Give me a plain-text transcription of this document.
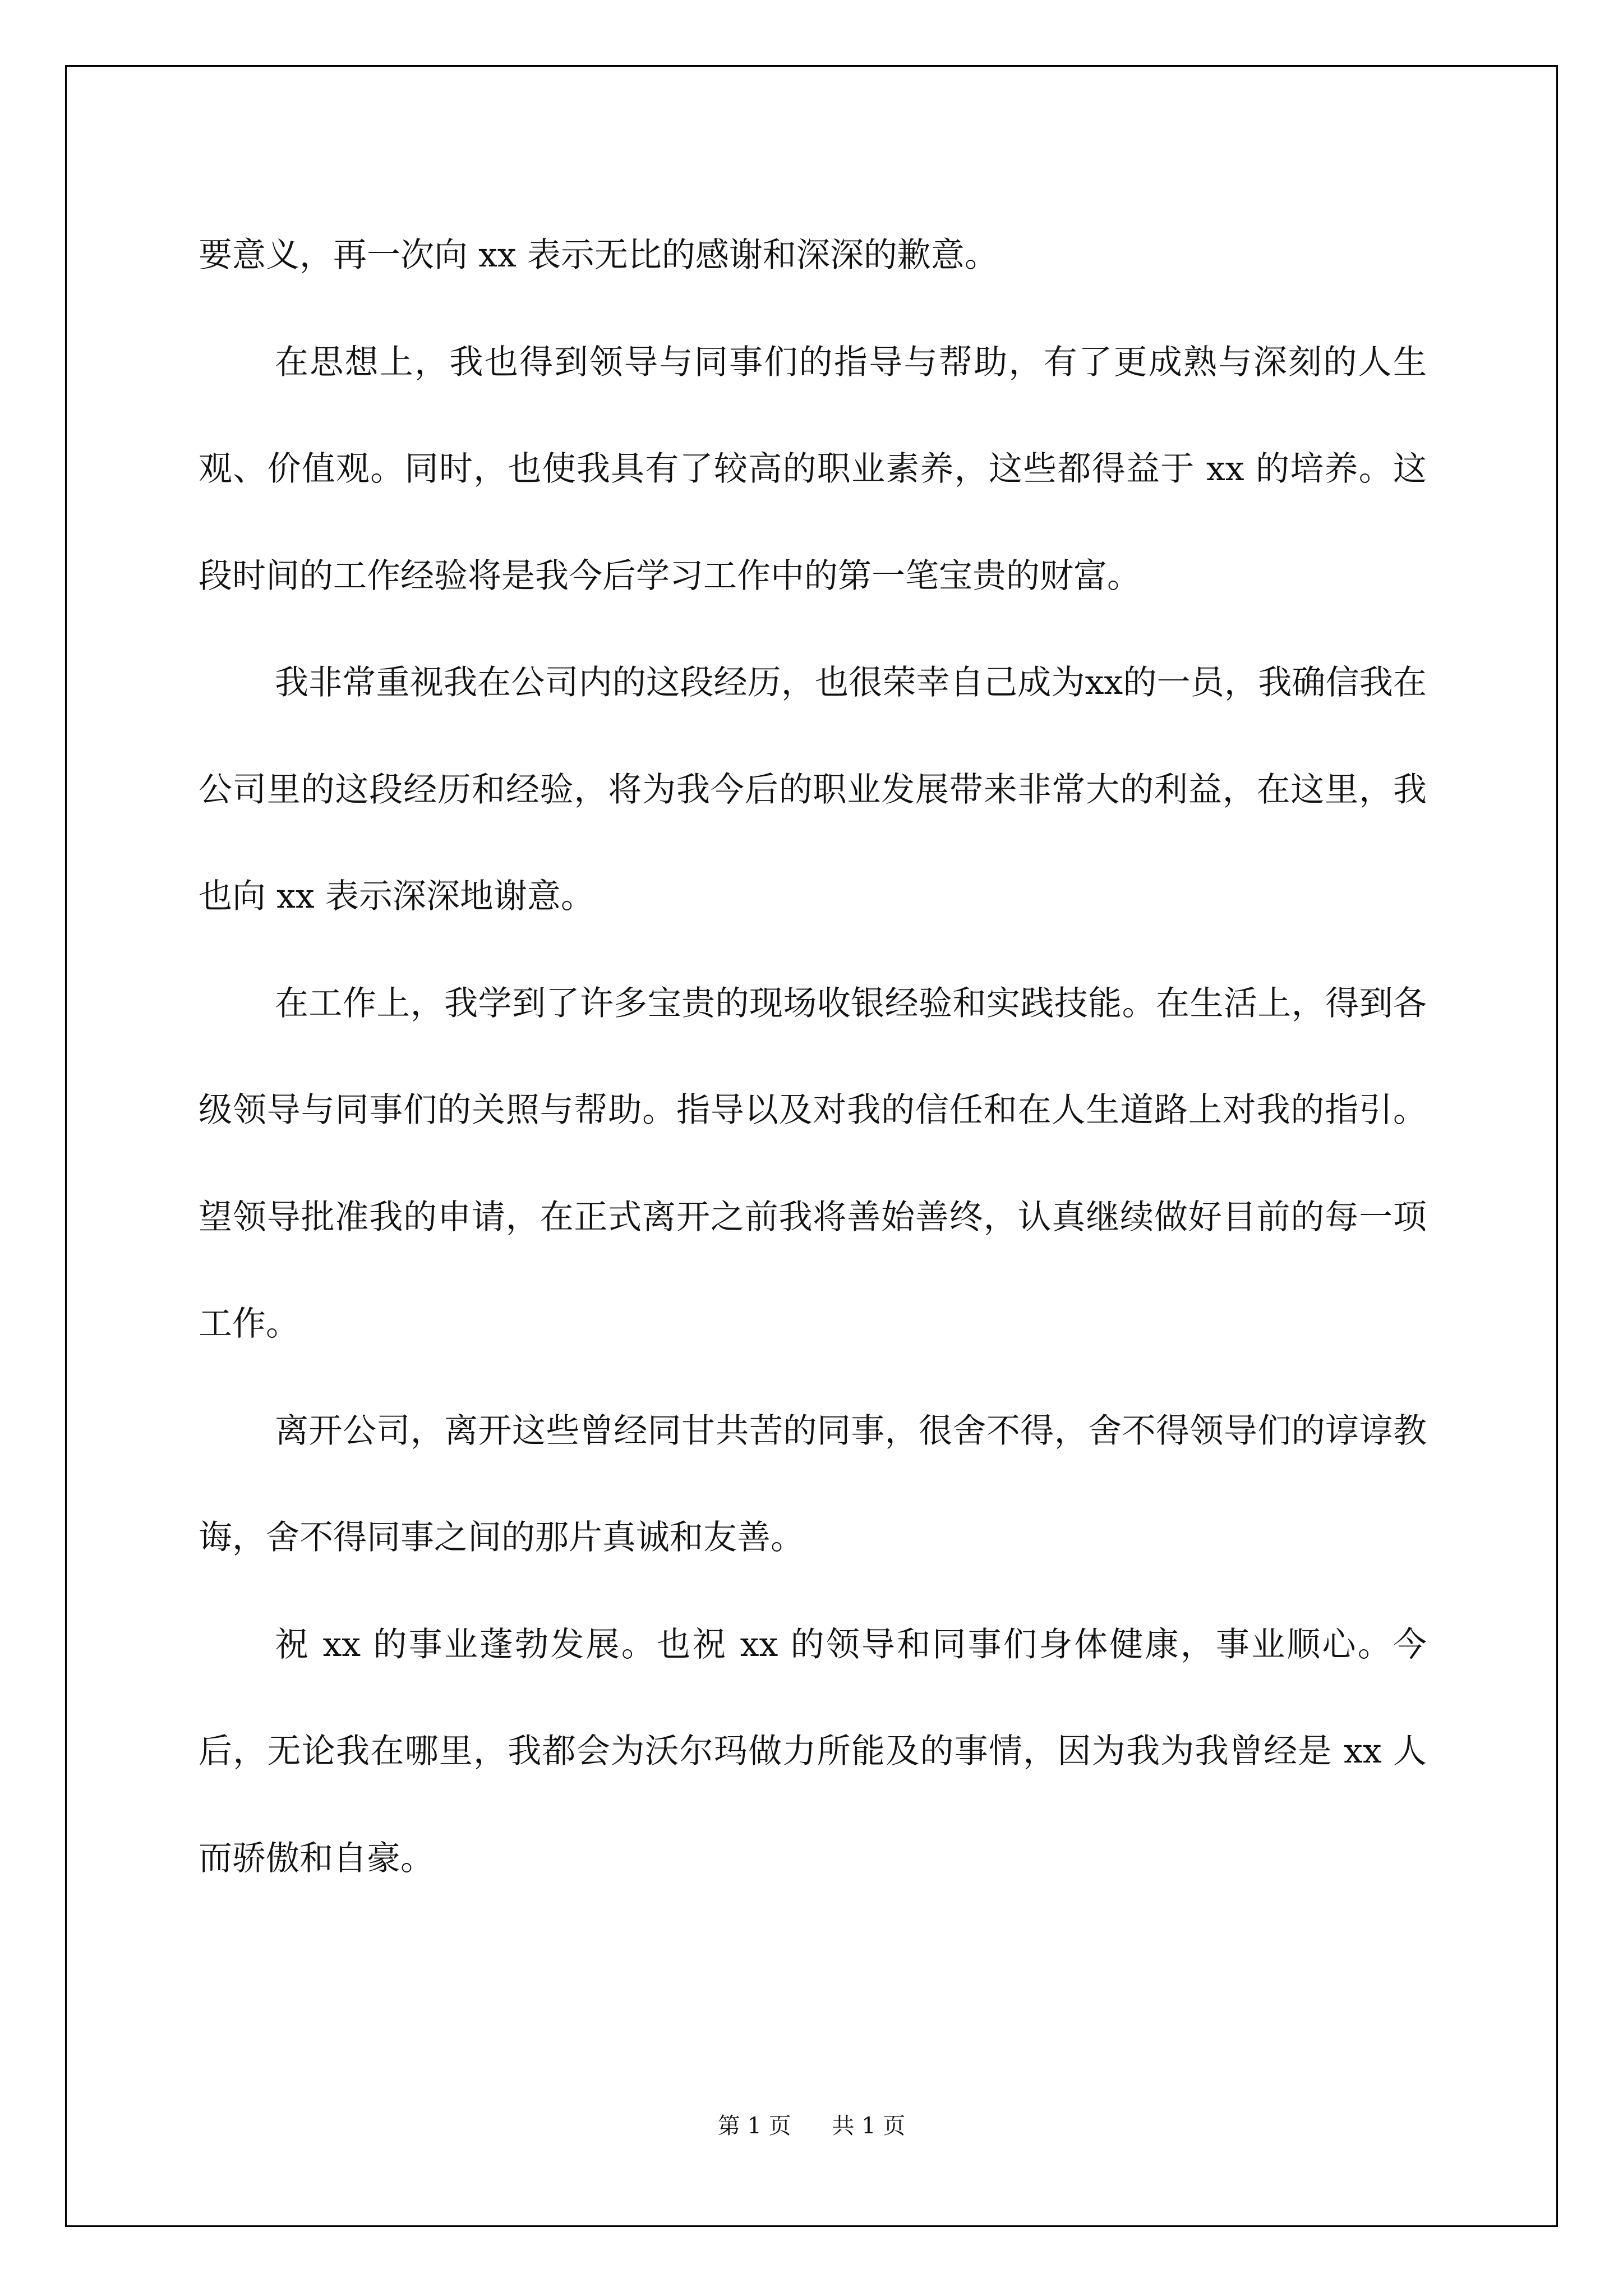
要意义，再一次向 xx 表示无比的感谢和深深的歉意。

在思想上，我也得到领导与同事们的指导与帮助，有了更成熟与深刻的人生观、价值观。同时，也使我具有了较高的职业素养，这些都得益于 xx 的培养。这段时间的工作经验将是我今后学习工作中的第一笔宝贵的财富。

我非常重视我在公司内的这段经历，也很荣幸自己成为xx的一员，我确信我在公司里的这段经历和经验，将为我今后的职业发展带来非常大的利益，在这里，我也向 xx 表示深深地谢意。

在工作上，我学到了许多宝贵的现场收银经验和实践技能。在生活上，得到各级领导与同事们的关照与帮助。指导以及对我的信任和在人生道路上对我的指引。望领导批准我的申请，在正式离开之前我将善始善终，认真继续做好目前的每一项工作。

离开公司，离开这些曾经同甘共苦的同事，很舍不得，舍不得领导们的谆谆教诲，舍不得同事之间的那片真诚和友善。

祝 xx 的事业蓬勃发展。也祝 xx 的领导和同事们身体健康，事业顺心。今后，无论我在哪里，我都会为沃尔玛做力所能及的事情，因为我为我曾经是 xx 人而骄傲和自豪。

第 1 页 共 1 页
